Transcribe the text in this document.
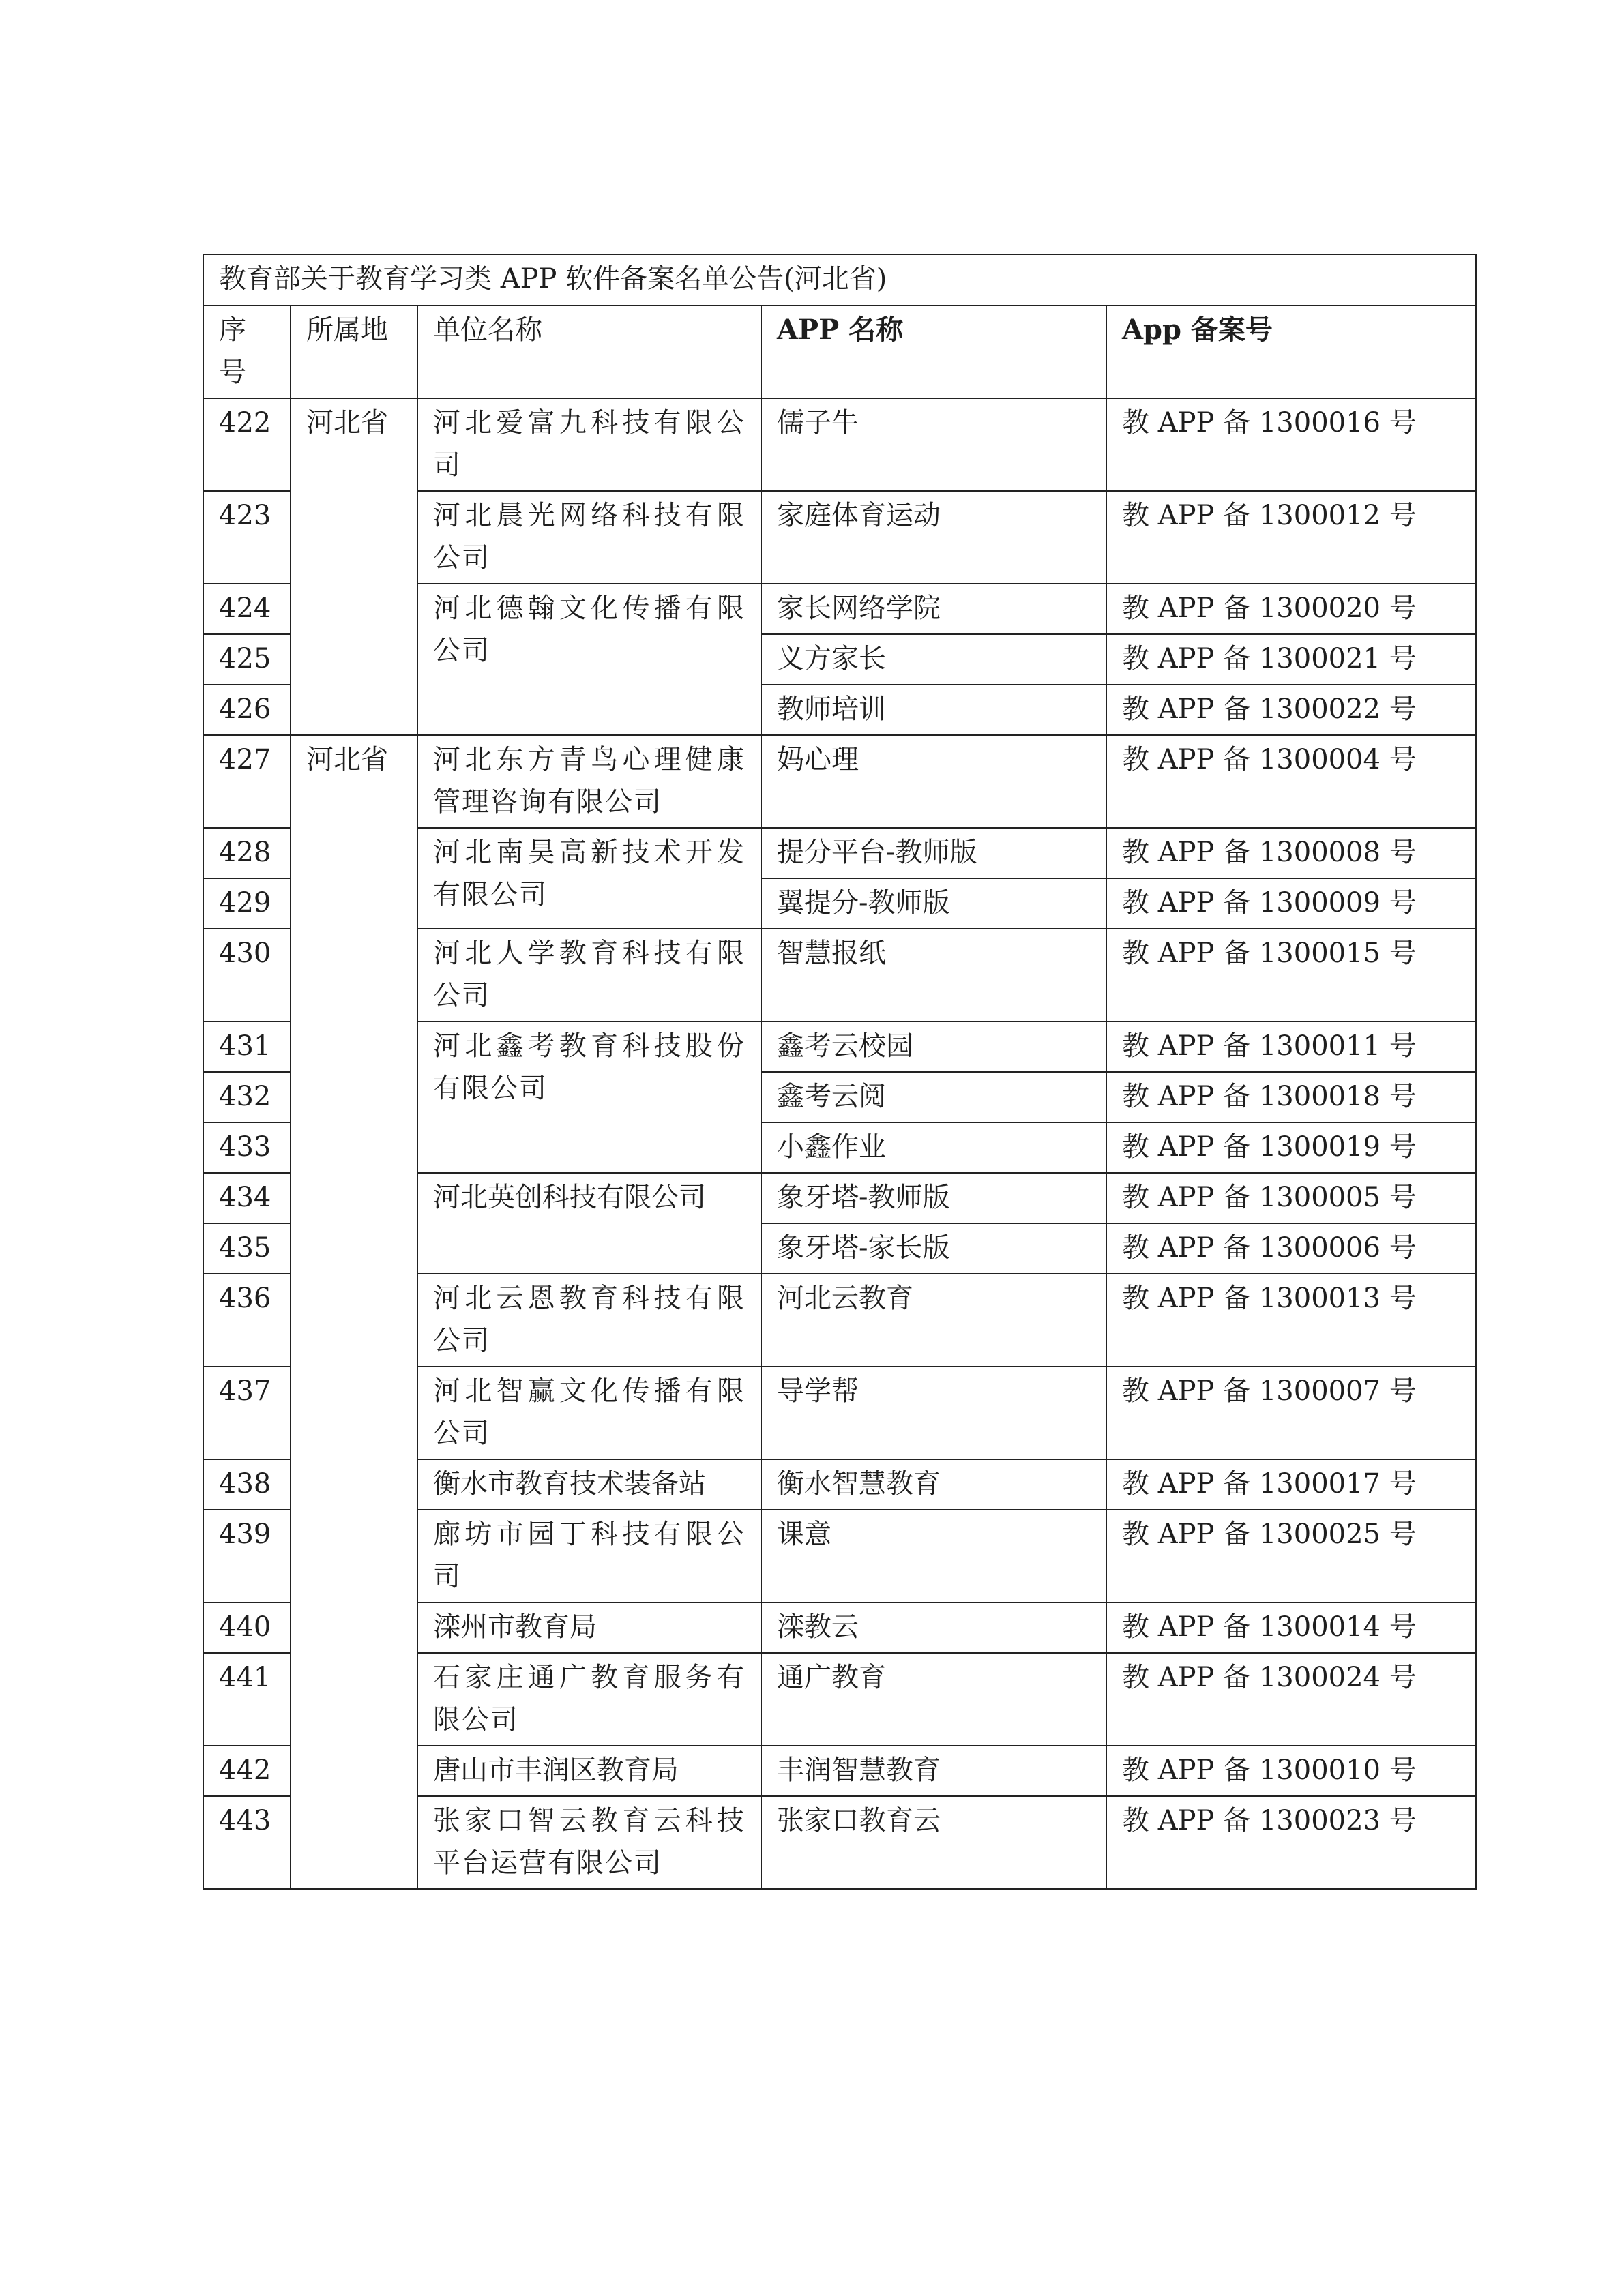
教育部关于教育学习类 APP 软件备案名单公告(河北省)				
序号	所属地	单位名称	APP 名称	App 备案号
422	河北省	河北爱富九科技有限公司	儒子牛	教 APP 备 1300016 号
423		河北晨光网络科技有限公司	家庭体育运动	教 APP 备 1300012 号
424		河北德翰文化传播有限公司	家长网络学院	教 APP 备 1300020 号
425			义方家长	教 APP 备 1300021 号
426			教师培训	教 APP 备 1300022 号
427	河北省	河北东方青鸟心理健康管理咨询有限公司	妈心理	教 APP 备 1300004 号
428		河北南昊高新技术开发有限公司	提分平台-教师版	教 APP 备 1300008 号
429			翼提分-教师版	教 APP 备 1300009 号
430		河北人学教育科技有限公司	智慧报纸	教 APP 备 1300015 号
431		河北鑫考教育科技股份有限公司	鑫考云校园	教 APP 备 1300011 号
432			鑫考云阅	教 APP 备 1300018 号
433			小鑫作业	教 APP 备 1300019 号
434		河北英创科技有限公司	象牙塔-教师版	教 APP 备 1300005 号
435			象牙塔-家长版	教 APP 备 1300006 号
436		河北云恩教育科技有限公司	河北云教育	教 APP 备 1300013 号
437		河北智赢文化传播有限公司	导学帮	教 APP 备 1300007 号
438		衡水市教育技术装备站	衡水智慧教育	教 APP 备 1300017 号
439		廊坊市园丁科技有限公司	课意	教 APP 备 1300025 号
440		滦州市教育局	滦教云	教 APP 备 1300014 号
441		石家庄通广教育服务有限公司	通广教育	教 APP 备 1300024 号
442		唐山市丰润区教育局	丰润智慧教育	教 APP 备 1300010 号
443		张家口智云教育云科技平台运营有限公司	张家口教育云	教 APP 备 1300023 号
